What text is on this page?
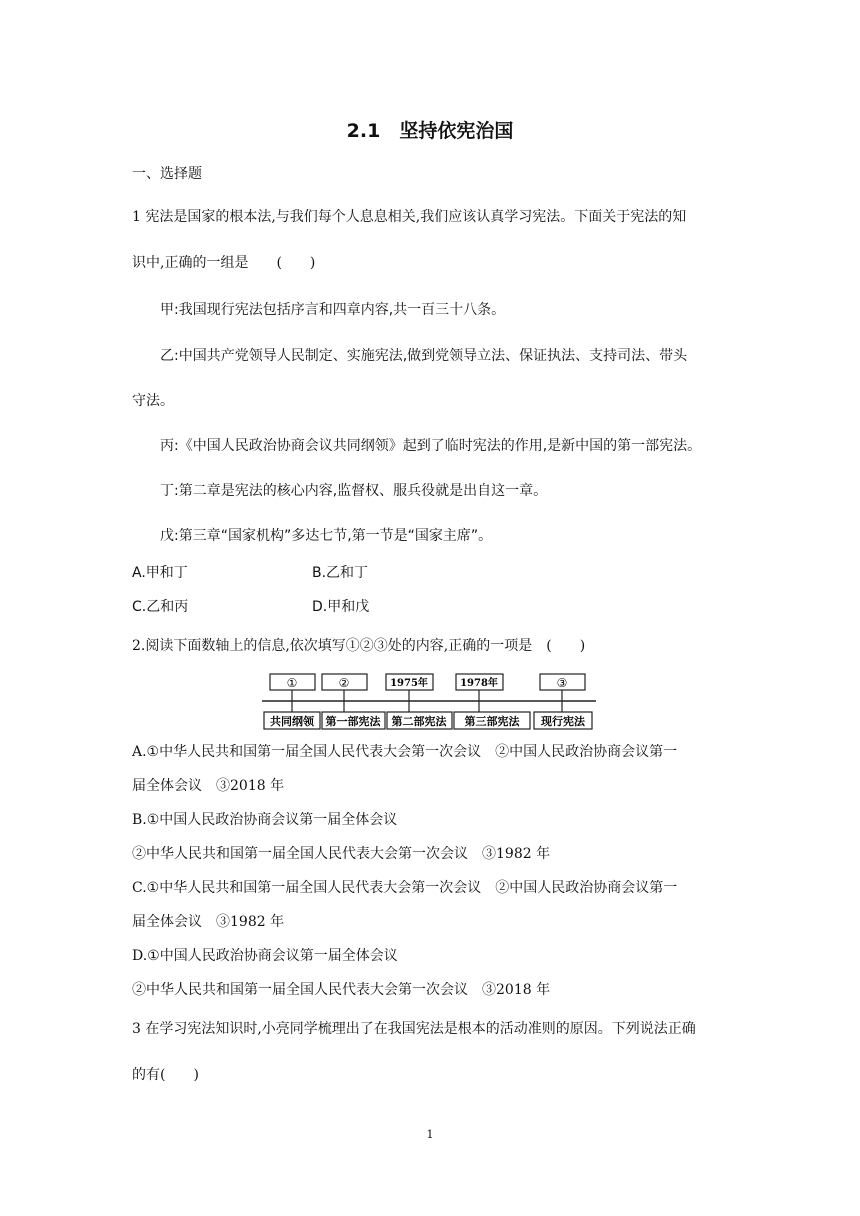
2.1　坚持依宪治国
一、选择题
1 宪法是国家的根本法,与我们每个人息息相关,我们应该认真学习宪法。下面关于宪法的知
识中,正确的一组是　　(　　)
甲:我国现行宪法包括序言和四章内容,共一百三十八条。
乙:中国共产党领导人民制定、实施宪法,做到党领导立法、保证执法、支持司法、带头
守法。
丙:《中国人民政治协商会议共同纲领》起到了临时宪法的作用,是新中国的第一部宪法。
丁:第二章是宪法的核心内容,监督权、服兵役就是出自这一章。
戊:第三章“国家机构”多达七节,第一节是“国家主席”。
A.甲和丁	B.乙和丁
C.乙和丙	D.甲和戊
2.阅读下面数轴上的信息,依次填写①②③处的内容,正确的一项是　(　　)
①	②	1975年	1978年	③
共同纲领 第一部宪法 第二部宪法 第三部宪法 现行宪法
A.①中华人民共和国第一届全国人民代表大会第一次会议　②中国人民政治协商会议第一
届全体会议　③2018 年
B.①中国人民政治协商会议第一届全体会议
②中华人民共和国第一届全国人民代表大会第一次会议　③1982 年
C.①中华人民共和国第一届全国人民代表大会第一次会议　②中国人民政治协商会议第一
届全体会议　③1982 年
D.①中国人民政治协商会议第一届全体会议
②中华人民共和国第一届全国人民代表大会第一次会议　③2018 年
3 在学习宪法知识时,小亮同学梳理出了在我国宪法是根本的活动准则的原因。下列说法正确
的有(　　)
1
